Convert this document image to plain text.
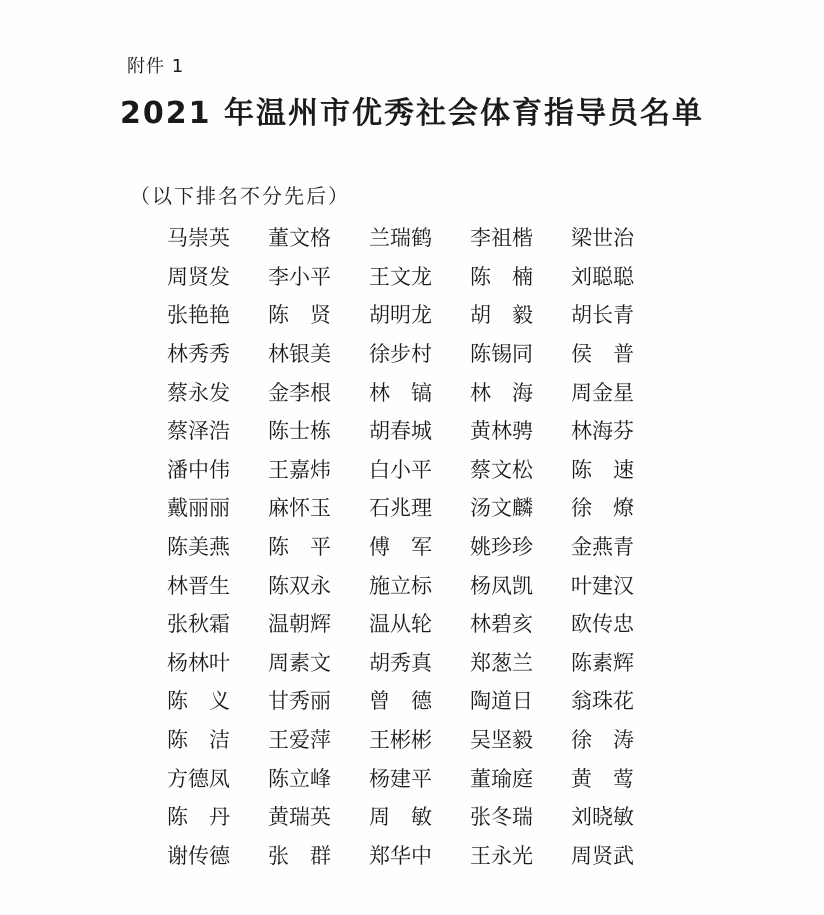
附件 1
2021 年温州市优秀社会体育指导员名单
（以下排名不分先后）
马崇英	董文格	兰瑞鹤	李祖楷	梁世治
周贤发	李小平	王文龙	陈　楠	刘聪聪
张艳艳	陈　贤	胡明龙	胡　毅	胡长青
林秀秀	林银美	徐步村	陈锡同	侯　普
蔡永发	金李根	林　镐	林　海	周金星
蔡泽浩	陈士栋	胡春城	黄林骋	林海芬
潘中伟	王嘉炜	白小平	蔡文松	陈　速
戴丽丽	麻怀玉	石兆理	汤文麟	徐　燎
陈美燕	陈　平	傅　军	姚珍珍	金燕青
林晋生	陈双永	施立标	杨凤凯	叶建汉
张秋霜	温朝辉	温从轮	林碧亥	欧传忠
杨林叶	周素文	胡秀真	郑葱兰	陈素辉
陈　义	甘秀丽	曾　德	陶道日	翁珠花
陈　洁	王爱萍	王彬彬	吴坚毅	徐　涛
方德凤	陈立峰	杨建平	董瑜庭	黄　莺
陈　丹	黄瑞英	周　敏	张冬瑞	刘晓敏
谢传德	张　群	郑华中	王永光	周贤武
